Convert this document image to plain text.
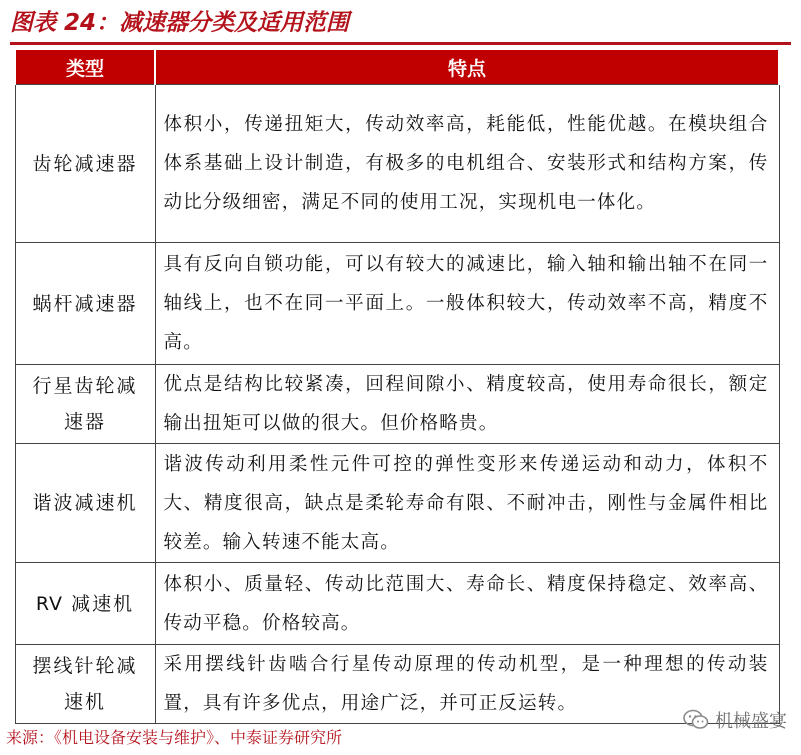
图表 24：减速器分类及适用范围
类型	特点
齿轮减速器	体积小，传递扭矩大，传动效率高，耗能低，性能优越。在模块组合体系基础上设计制造，有极多的电机组合、安装形式和结构方案，传动比分级细密，满足不同的使用工况，实现机电一体化。
蜗杆减速器	具有反向自锁功能，可以有较大的减速比，输入轴和输出轴不在同一轴线上，也不在同一平面上。一般体积较大，传动效率不高，精度不高。
行星齿轮减速器	优点是结构比较紧凑，回程间隙小、精度较高，使用寿命很长，额定输出扭矩可以做的很大。但价格略贵。
谐波减速机	谐波传动利用柔性元件可控的弹性变形来传递运动和动力，体积不大、精度很高，缺点是柔轮寿命有限、不耐冲击，刚性与金属件相比较差。输入转速不能太高。
RV 减速机	体积小、质量轻、传动比范围大、寿命长、精度保持稳定、效率高、传动平稳。价格较高。
摆线针轮减速机	采用摆线针齿啮合行星传动原理的传动机型，是一种理想的传动装置，具有许多优点，用途广泛，并可正反运转。
来源：《机电设备安装与维护》、中泰证券研究所
机械盛宴
